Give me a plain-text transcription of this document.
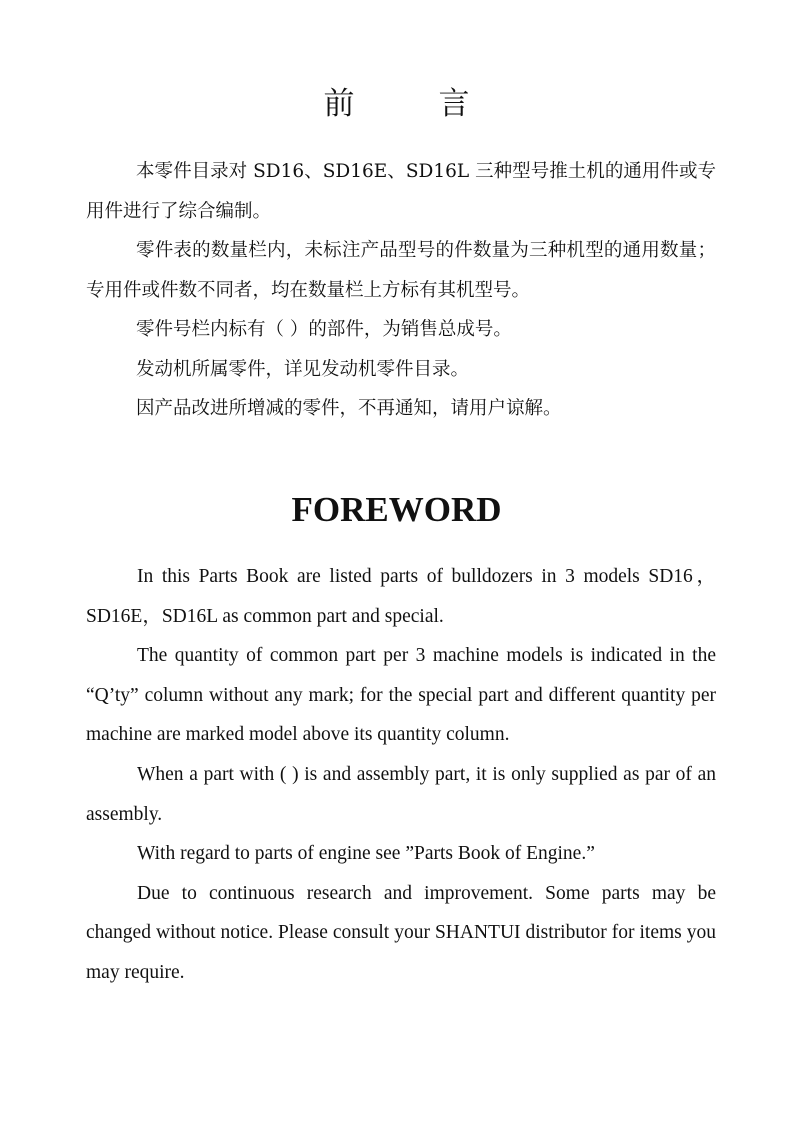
前	言

本零件目录对 SD16、SD16E、SD16L 三种型号推土机的通用件或专用件进行了综合编制。

零件表的数量栏内，未标注产品型号的件数量为三种机型的通用数量；专用件或件数不同者，均在数量栏上方标有其机型号。

零件号栏内标有（ ）的部件，为销售总成号。

发动机所属零件，详见发动机零件目录。

因产品改进所增减的零件，不再通知，请用户谅解。

FOREWORD

In this Parts Book are listed parts of bulldozers in 3 models SD16，SD16E，SD16L as common part and special.

The quantity of common part per 3 machine models is indicated in the “Q’ty” column without any mark; for the special part and different quantity per machine are marked model above its quantity column.

When a part with ( ) is and assembly part, it is only supplied as par of an assembly.

With regard to parts of engine see ”Parts Book of Engine.”

Due to continuous research and improvement. Some parts may be changed without notice. Please consult your SHANTUI distributor for items you may require.
